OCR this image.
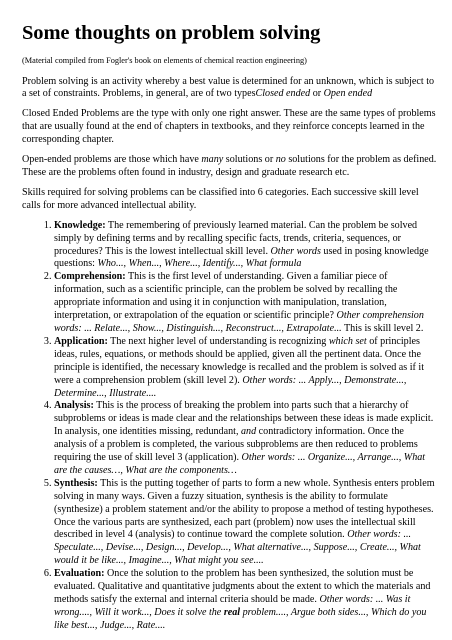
Some thoughts on problem solving

(Material compiled from Fogler's book on elements of chemical reaction engineering)

Problem solving is an activity whereby a best value is determined for an unknown, which is subject to a set of constraints. Problems, in general, are of two typesClosed ended or Open ended

Closed Ended Problems are the type with only one right answer. These are the same types of problems that are usually found at the end of chapters in textbooks, and they reinforce concepts learned in the corresponding chapter.

Open-ended problems are those which have many solutions or no solutions for the problem as defined. These are the problems often found in industry, design and graduate research etc.

Skills required for solving problems can be classified into 6 categories. Each successive skill level calls for more advanced intellectual ability.

1. Knowledge: The remembering of previously learned material. Can the problem be solved simply by defining terms and by recalling specific facts, trends, criteria, sequences, or procedures? This is the lowest intellectual skill level. Other words used in posing knowledge questions: Who..., When..., Where..., Identify..., What formula
2. Comprehension: This is the first level of understanding. Given a familiar piece of information, such as a scientific principle, can the problem be solved by recalling the appropriate information and using it in conjunction with manipulation, translation, interpretation, or extrapolation of the equation or scientific principle? Other comprehension words: ... Relate..., Show..., Distinguish..., Reconstruct..., Extrapolate... This is skill level 2.
3. Application: The next higher level of understanding is recognizing which set of principles ideas, rules, equations, or methods should be applied, given all the pertinent data. Once the principle is identified, the necessary knowledge is recalled and the problem is solved as if it were a comprehension problem (skill level 2). Other words: ... Apply..., Demonstrate..., Determine..., Illustrate....
4. Analysis: This is the process of breaking the problem into parts such that a hierarchy of subproblems or ideas is made clear and the relationships between these ideas is made explicit. In analysis, one identities missing, redundant, and contradictory information. Once the analysis of a problem is completed, the various subproblems are then reduced to problems requiring the use of skill level 3 (application). Other words: ... Organize..., Arrange..., What are the causes…, What are the components…
5. Synthesis: This is the putting together of parts to form a new whole. Synthesis enters problem solving in many ways. Given a fuzzy situation, synthesis is the ability to formulate (synthesize) a problem statement and/or the ability to propose a method of testing hypotheses. Once the various parts are synthesized, each part (problem) now uses the intellectual skill described in level 4 (analysis) to continue toward the complete solution. Other words: ... Speculate..., Devise..., Design..., Develop..., What alternative..., Suppose..., Create..., What would it be like..., Imagine..., What might you see....
6. Evaluation: Once the solution to the problem has been synthesized, the solution must be evaluated. Qualitative and quantitative judgments about the extent to which the materials and methods satisfy the external and internal criteria should be made. Other words: ... Was it wrong...., Will it work..., Does it solve the real problem...., Argue both sides..., Which do you like best..., Judge..., Rate....
